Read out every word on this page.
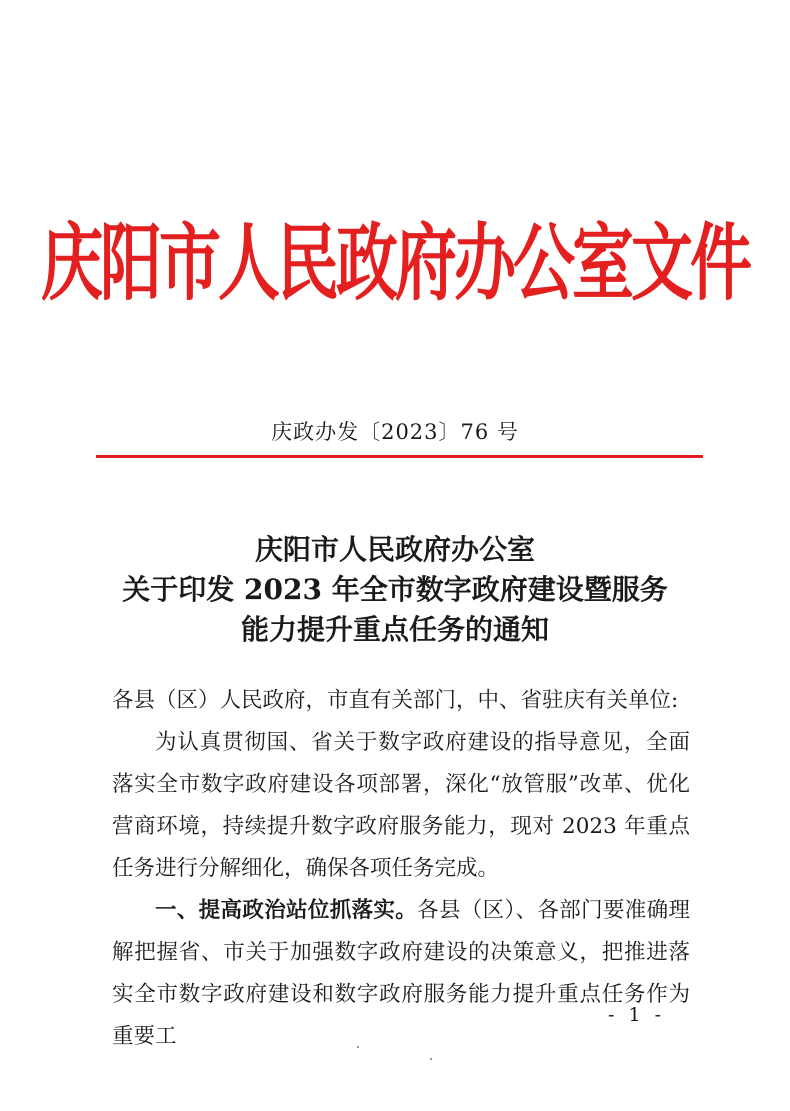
庆阳市人民政府办公室文件
庆政办发〔2023〕76 号
庆阳市人民政府办公室
关于印发 2023 年全市数字政府建设暨服务
能力提升重点任务的通知

各县（区）人民政府，市直有关部门，中、省驻庆有关单位:

为认真贯彻国、省关于数字政府建设的指导意见，全面落实全市数字政府建设各项部署，深化“放管服”改革、优化营商环境，持续提升数字政府服务能力，现对 2023 年重点任务进行分解细化，确保各项任务完成。

一、提高政治站位抓落实。各县（区）、各部门要准确理解把握省、市关于加强数字政府建设的决策意义，把推进落实全市数字政府建设和数字政府服务能力提升重点任务作为重要工

- 1 -
